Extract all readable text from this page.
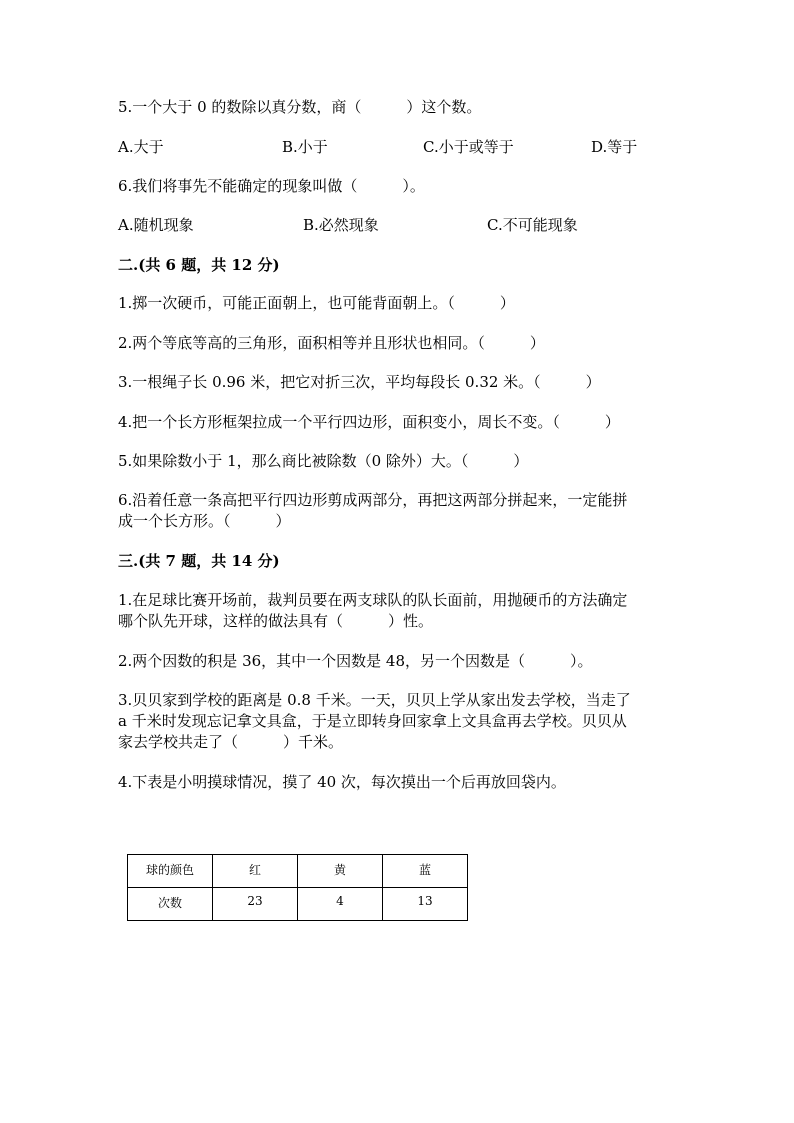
5.一个大于 0 的数除以真分数，商（　　　）这个数。
A.大于	B.小于	C.小于或等于	D.等于
6.我们将事先不能确定的现象叫做（　　　）。
A.随机现象	B.必然现象	C.不可能现象
二.(共 6 题，共 12 分)
1.掷一次硬币，可能正面朝上，也可能背面朝上。（　　　）
2.两个等底等高的三角形，面积相等并且形状也相同。（　　　）
3.一根绳子长 0.96 米，把它对折三次，平均每段长 0.32 米。（　　　）
4.把一个长方形框架拉成一个平行四边形，面积变小，周长不变。（　　　）
5.如果除数小于 1，那么商比被除数（0 除外）大。（　　　）
6.沿着任意一条高把平行四边形剪成两部分，再把这两部分拼起来，一定能拼
成一个长方形。（　　　）
三.(共 7 题，共 14 分)
1.在足球比赛开场前，裁判员要在两支球队的队长面前，用抛硬币的方法确定
哪个队先开球，这样的做法具有（　　　）性。
2.两个因数的积是 36，其中一个因数是 48，另一个因数是（　　　）。
3.贝贝家到学校的距离是 0.8 千米。一天，贝贝上学从家出发去学校，当走了
a 千米时发现忘记拿文具盒，于是立即转身回家拿上文具盒再去学校。贝贝从
家去学校共走了（　　　）千米。
4.下表是小明摸球情况，摸了 40 次，每次摸出一个后再放回袋内。
球的颜色	红	黄	蓝
次数	23	4	13
